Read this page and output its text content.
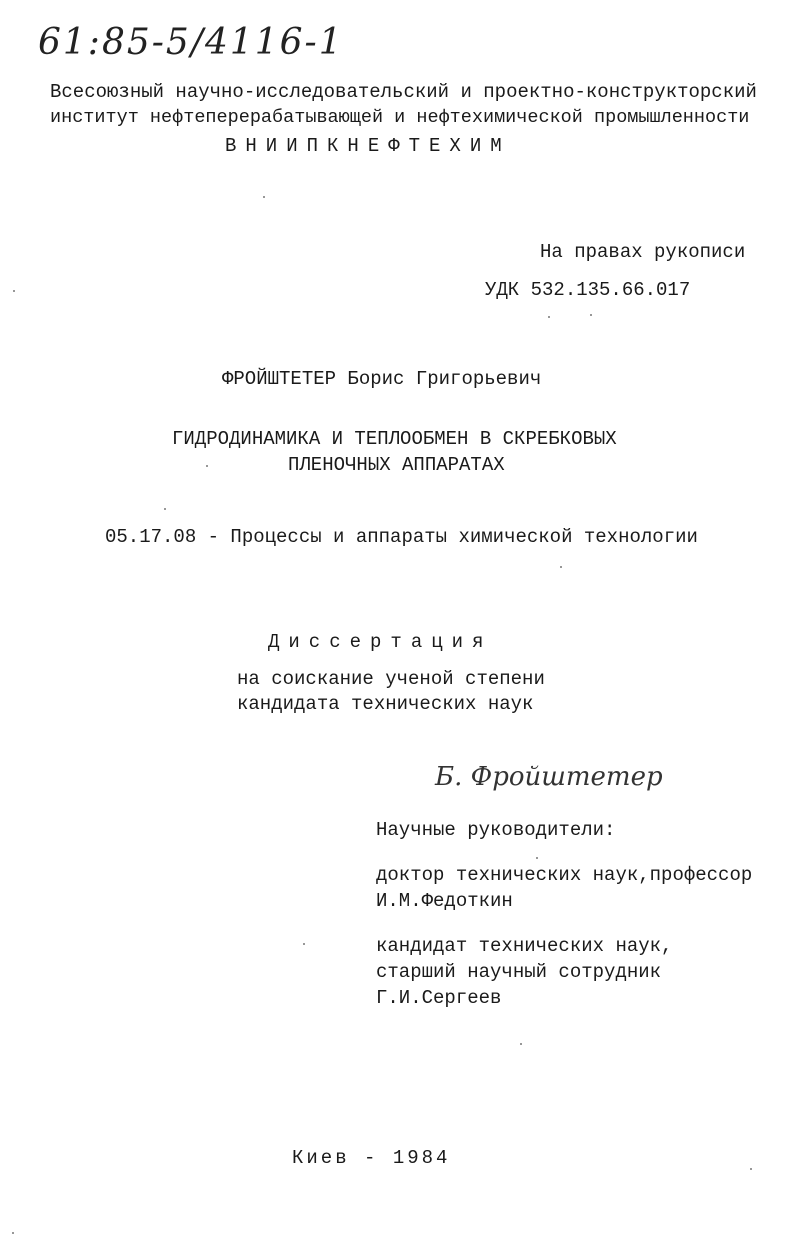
61:85-5/4116-1
Всесоюзный научно-исследовательский и проектно-конструкторский
институт нефтеперерабатывающей и нефтехимической промышленности
ВНИИПКНЕФТЕХИМ
На правах рукописи
УДК 532.135.66.017
ФРОЙШТЕТЕР Борис Григорьевич
ГИДРОДИНАМИКА И ТЕПЛООБМЕН В СКРЕБКОВЫХ
ПЛЕНОЧНЫХ АППАРАТАХ
05.17.08 - Процессы и аппараты химической технологии
Диссертация
на соискание ученой степени
кандидата технических наук
Б. Фройштетер
Научные руководители:
доктор технических наук,профессор
И.М.Федоткин
кандидат технических наук,
старший научный сотрудник
Г.И.Сергеев
Киев - 1984
